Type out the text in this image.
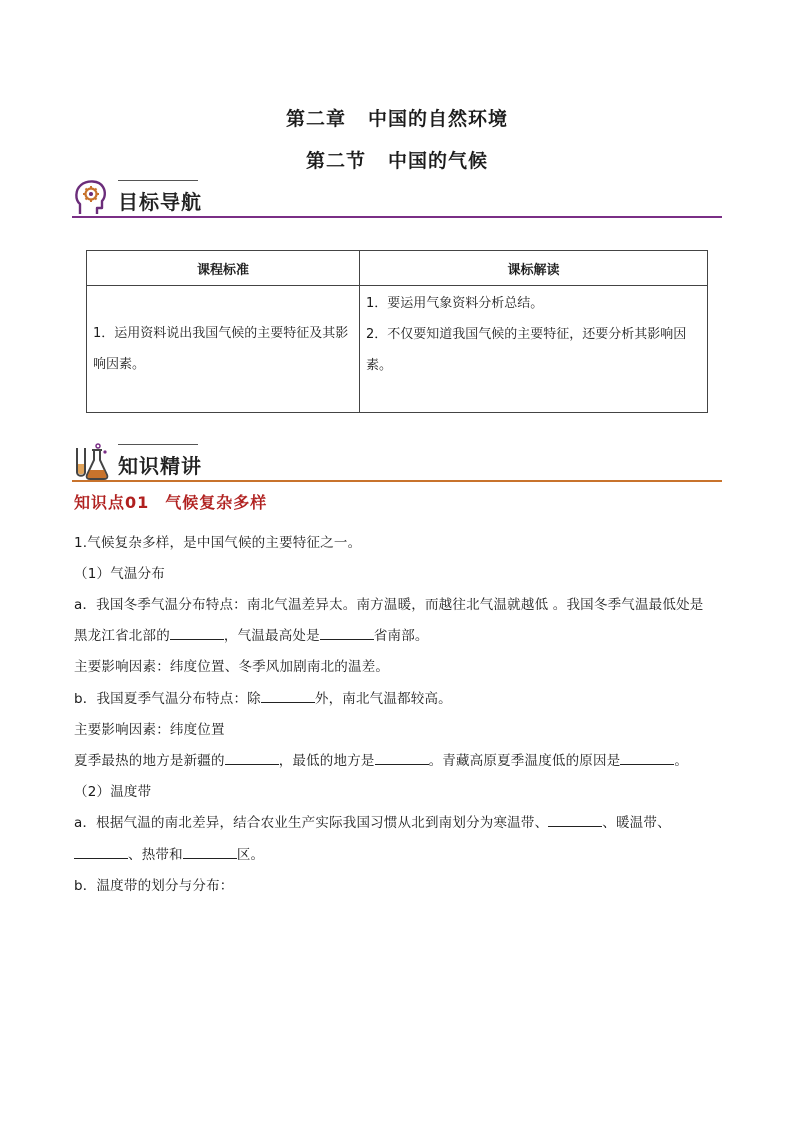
第二章 中国的自然环境
第二节 中国的气候
目标导航
课程标准	课标解读

1．运用资料说出我国气候的主要特征及其影响因素。	1．要运用气象资料分析总结。

2．不仅要知道我国气候的主要特征，还要分析其影响因素。

知识精讲
知识点01 气候复杂多样
1.气候复杂多样，是中国气候的主要特征之一。
（1）气温分布
a．我国冬季气温分布特点：南北气温差异太。南方温暖，而越往北气温就越低 。我国冬季气温最低处是
黑龙江省北部的	，气温最高处是	省南部。
主要影响因素：纬度位置、冬季风加剧南北的温差。
b．我国夏季气温分布特点：除	外，南北气温都较高。
主要影响因素：纬度位置
夏季最热的地方是新疆的	，最低的地方是	。青藏高原夏季温度低的原因是	。
（2）温度带
a．根据气温的南北差异，结合农业生产实际我国习惯从北到南划分为寒温带、	、暖温带、
、热带和	区。
b．温度带的划分与分布：
